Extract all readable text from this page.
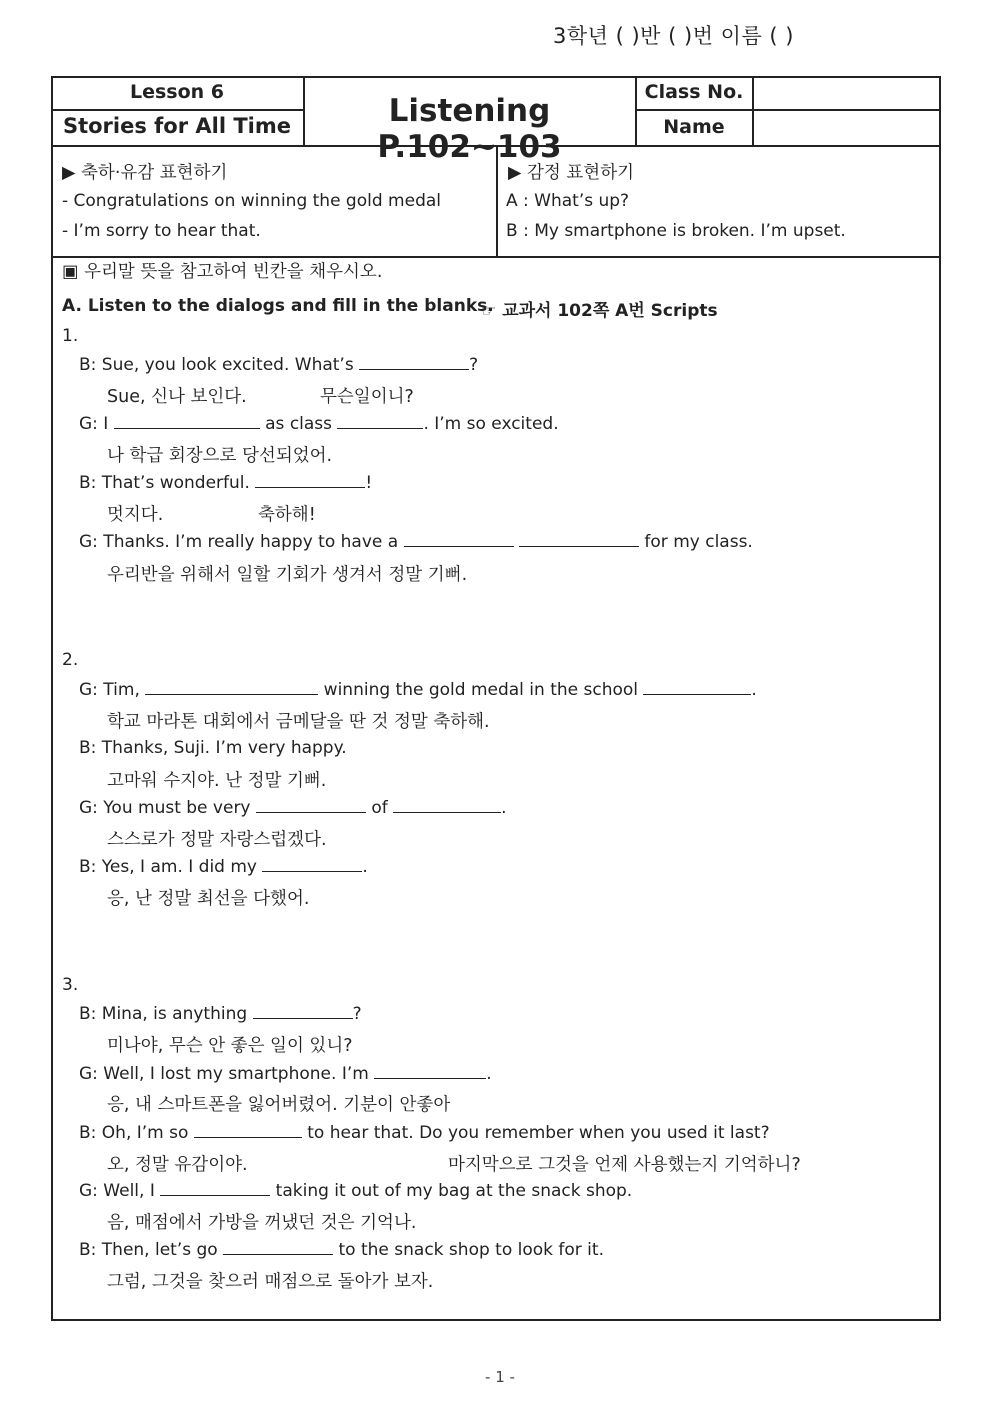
3학년 ( )반 ( )번 이름 ( )
Lesson 6
Stories for All Time	Listening P.102~103
Class No.
Name
▶ 축하·유감 표현하기
- Congratulations on winning the gold medal
- I’m sorry to hear that.
▶ 감정 표현하기
A : What’s up?
B : My smartphone is broken. I’m upset.
▣ 우리말 뜻을 참고하여 빈칸을 채우시오.
A. Listen to the dialogs and fill in the blanks.
☞ 교과서 102쪽 A번 Scripts
1.
B: Sue, you look excited. What’s	?
Sue, 신나 보인다.	무슨일이니?
G: I	as class	. I’m so excited.
나 학급 회장으로 당선되었어.
B: That’s wonderful.	!
멋지다.	축하해!
G: Thanks. I’m really happy to have a	for my class.
우리반을 위해서 일할 기회가 생겨서 정말 기뻐.
2.
G: Tim,	winning the gold medal in the school	.
학교 마라톤 대회에서 금메달을 딴 것 정말 축하해.
B: Thanks, Suji. I’m very happy.
고마워 수지야. 난 정말 기뻐.
G: You must be very	of	.
스스로가 정말 자랑스럽겠다.
B: Yes, I am. I did my	.
응, 난 정말 최선을 다했어.
3.
B: Mina, is anything	?
미나야, 무슨 안 좋은 일이 있니?
G: Well, I lost my smartphone. I’m	.
응, 내 스마트폰을 잃어버렸어. 기분이 안좋아
B: Oh, I’m so	to hear that. Do you remember when you used it last?
오, 정말 유감이야.	마지막으로 그것을 언제 사용했는지 기억하니?
G: Well, I	taking it out of my bag at the snack shop.
음, 매점에서 가방을 꺼냈던 것은 기억나.
B: Then, let’s go	to the snack shop to look for it.
그럼, 그것을 찾으러 매점으로 돌아가 보자.
- 1 -
